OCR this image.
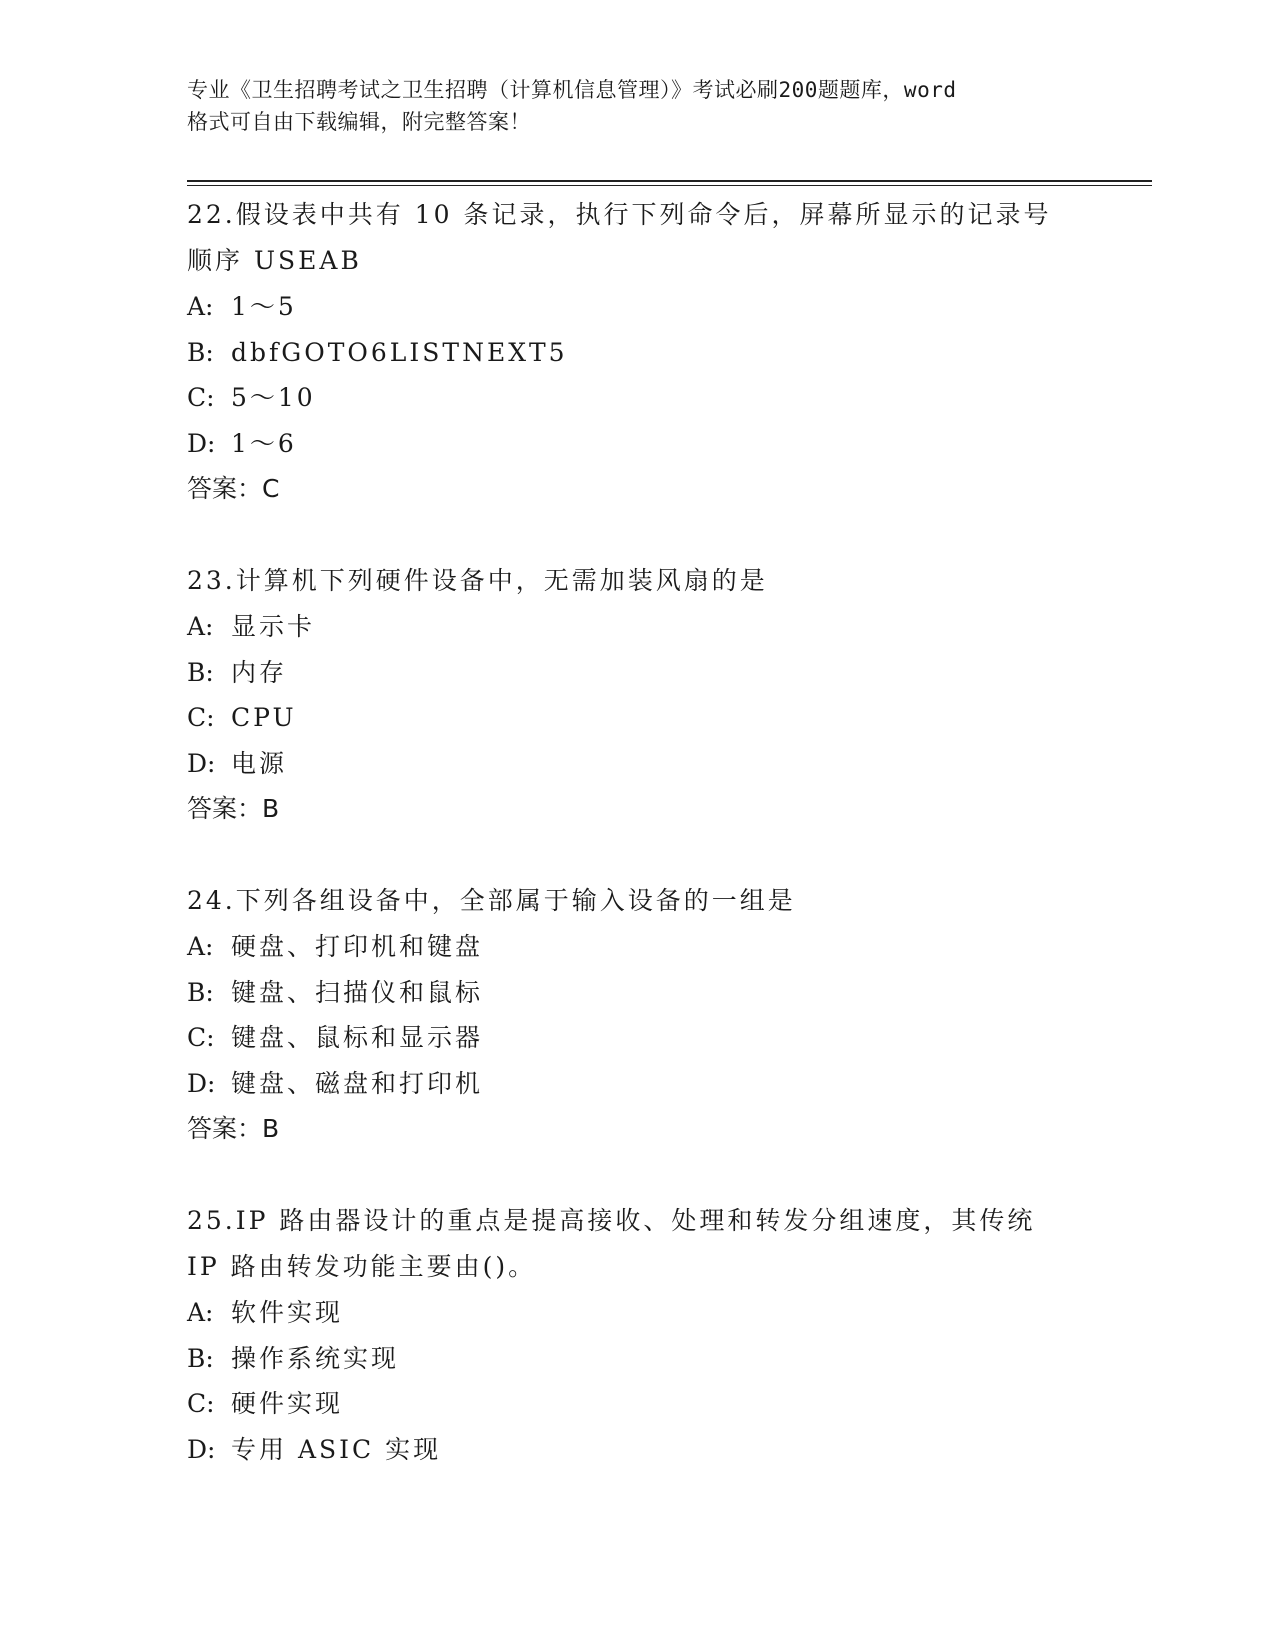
专业《卫生招聘考试之卫生招聘（计算机信息管理）》考试必刷200题题库，word
格式可自由下载编辑，附完整答案！
22.假设表中共有 10 条记录，执行下列命令后，屏幕所显示的记录号
顺序 USEAB
A: 1～5
B: dbfGOTO6LISTNEXT5
C: 5～10
D: 1～6
答案：C
23.计算机下列硬件设备中，无需加装风扇的是
A: 显示卡
B: 内存
C: CPU
D: 电源
答案：B
24.下列各组设备中，全部属于输入设备的一组是
A: 硬盘、打印机和键盘
B: 键盘、扫描仪和鼠标
C: 键盘、鼠标和显示器
D: 键盘、磁盘和打印机
答案：B
25.IP 路由器设计的重点是提高接收、处理和转发分组速度，其传统
IP 路由转发功能主要由()。
A: 软件实现
B: 操作系统实现
C: 硬件实现
D: 专用 ASIC 实现
